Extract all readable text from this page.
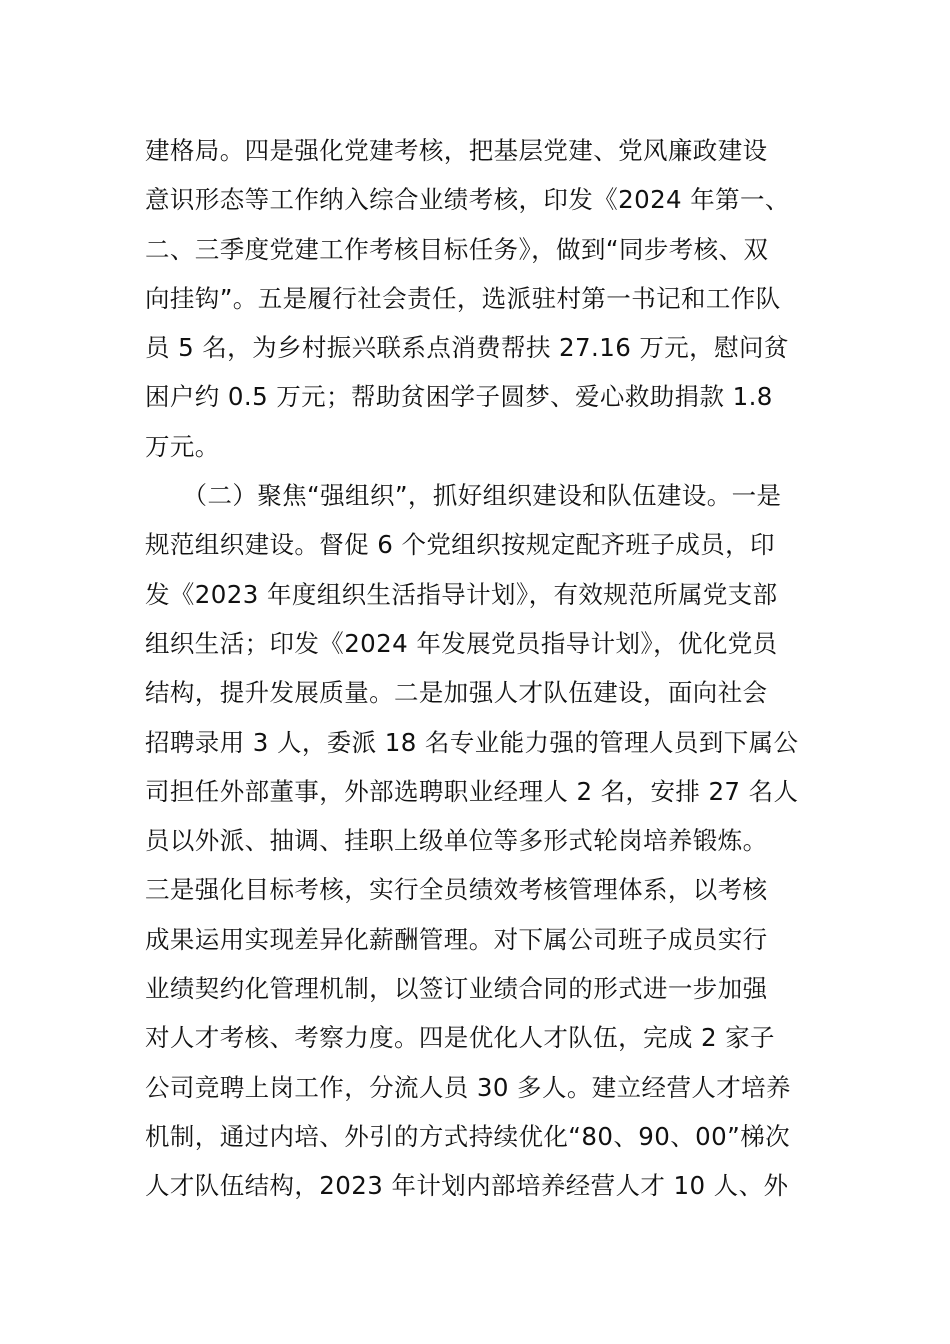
建格局。四是强化党建考核，把基层党建、党风廉政建设
意识形态等工作纳入综合业绩考核，印发《2024 年第一、
二、三季度党建工作考核目标任务》，做到“同步考核、双
向挂钩”。五是履行社会责任，选派驻村第一书记和工作队
员 5 名，为乡村振兴联系点消费帮扶 27.16 万元，慰问贫
困户约 0.5 万元；帮助贫困学子圆梦、爱心救助捐款 1.8
万元。
　　（二）聚焦“强组织”，抓好组织建设和队伍建设。一是
规范组织建设。督促 6 个党组织按规定配齐班子成员，印
发《2023 年度组织生活指导计划》，有效规范所属党支部
组织生活；印发《2024 年发展党员指导计划》，优化党员
结构，提升发展质量。二是加强人才队伍建设，面向社会
招聘录用 3 人，委派 18 名专业能力强的管理人员到下属公
司担任外部董事，外部选聘职业经理人 2 名，安排 27 名人
员以外派、抽调、挂职上级单位等多形式轮岗培养锻炼。
三是强化目标考核，实行全员绩效考核管理体系，以考核
成果运用实现差异化薪酬管理。对下属公司班子成员实行
业绩契约化管理机制，以签订业绩合同的形式进一步加强
对人才考核、考察力度。四是优化人才队伍，完成 2 家子
公司竞聘上岗工作，分流人员 30 多人。建立经营人才培养
机制，通过内培、外引的方式持续优化“80、90、00”梯次
人才队伍结构，2023 年计划内部培养经营人才 10 人、外
